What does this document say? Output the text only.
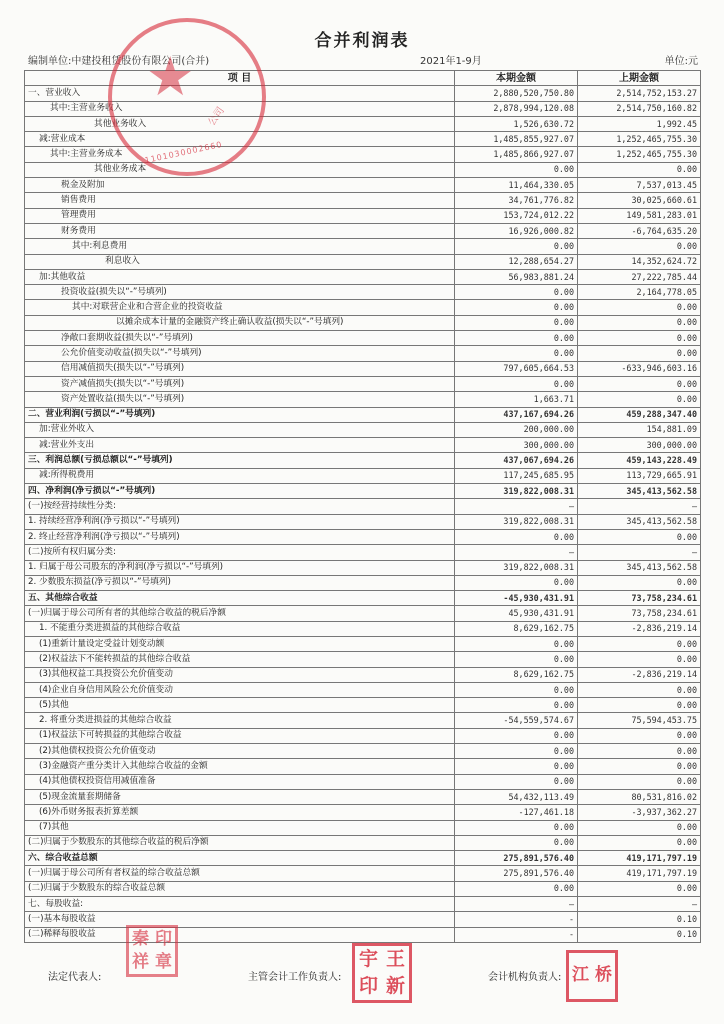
合并利润表
编制单位:中建投租赁股份有限公司(合并)	2021年1-9月	单位:元
项 目	本期金额	上期金额
一、营业收入	2,880,520,750.80	2,514,752,153.27
其中:主营业务收入	2,878,994,120.08	2,514,750,160.82
其他业务收入	1,526,630.72	1,992.45
减:营业成本	1,485,855,927.07	1,252,465,755.30
其中:主营业务成本	1,485,866,927.07	1,252,465,755.30
其他业务成本	0.00	0.00
税金及附加	11,464,330.05	7,537,013.45
销售费用	34,761,776.82	30,025,660.61
管理费用	153,724,012.22	149,581,283.01
财务费用	16,926,000.82	-6,764,635.20
其中:利息费用	0.00	0.00
利息收入	12,288,654.27	14,352,624.72
加:其他收益	56,983,881.24	27,222,785.44
投资收益(损失以“-”号填列)	0.00	2,164,778.05
其中:对联营企业和合营企业的投资收益	0.00	0.00
以摊余成本计量的金融资产终止确认收益(损失以“-”号填列)	0.00	0.00
净敞口套期收益(损失以“-”号填列)	0.00	0.00
公允价值变动收益(损失以“-”号填列)	0.00	0.00
信用减值损失(损失以“-”号填列)	797,605,664.53	-633,946,603.16
资产减值损失(损失以“-”号填列)	0.00	0.00
资产处置收益(损失以“-”号填列)	1,663.71	0.00
二、营业利润(亏损以“-”号填列)	437,167,694.26	459,288,347.40
加:营业外收入	200,000.00	154,881.09
减:营业外支出	300,000.00	300,000.00
三、利润总额(亏损总额以“-”号填列)	437,067,694.26	459,143,228.49
减:所得税费用	117,245,685.95	113,729,665.91
四、净利润(净亏损以“-”号填列)	319,822,008.31	345,413,562.58
(一)按经营持续性分类:	—	—
1. 持续经营净利润(净亏损以“-”号填列)	319,822,008.31	345,413,562.58
2. 终止经营净利润(净亏损以“-”号填列)	0.00	0.00
(二)按所有权归属分类:	—	—
1. 归属于母公司股东的净利润(净亏损以“-”号填列)	319,822,008.31	345,413,562.58
2. 少数股东损益(净亏损以“-”号填列)	0.00	0.00
五、其他综合收益	-45,930,431.91	73,758,234.61
(一)归属于母公司所有者的其他综合收益的税后净额	45,930,431.91	73,758,234.61
1. 不能重分类进损益的其他综合收益	8,629,162.75	-2,836,219.14
(1)重新计量设定受益计划变动额	0.00	0.00
(2)权益法下不能转损益的其他综合收益	0.00	0.00
(3)其他权益工具投资公允价值变动	8,629,162.75	-2,836,219.14
(4)企业自身信用风险公允价值变动	0.00	0.00
(5)其他	0.00	0.00
2. 将重分类进损益的其他综合收益	-54,559,574.67	75,594,453.75
(1)权益法下可转损益的其他综合收益	0.00	0.00
(2)其他债权投资公允价值变动	0.00	0.00
(3)金融资产重分类计入其他综合收益的金额	0.00	0.00
(4)其他债权投资信用减值准备	0.00	0.00
(5)现金流量套期储备	54,432,113.49	80,531,816.02
(6)外币财务报表折算差额	-127,461.18	-3,937,362.27
(7)其他	0.00	0.00
(二)归属于少数股东的其他综合收益的税后净额	0.00	0.00
六、综合收益总额	275,891,576.40	419,171,797.19
(一)归属于母公司所有者权益的综合收益总额	275,891,576.40	419,171,797.19
(二)归属于少数股东的综合收益总额	0.00	0.00
七、每股收益:	—	—
(一)基本每股收益	-	0.10
(二)稀释每股收益	-	0.10
法定代表人:	主管会计工作负责人:	会计机构负责人:
★
1101030002660
公司
秦 印
祥 章	宇 王
印 新	江 桥
